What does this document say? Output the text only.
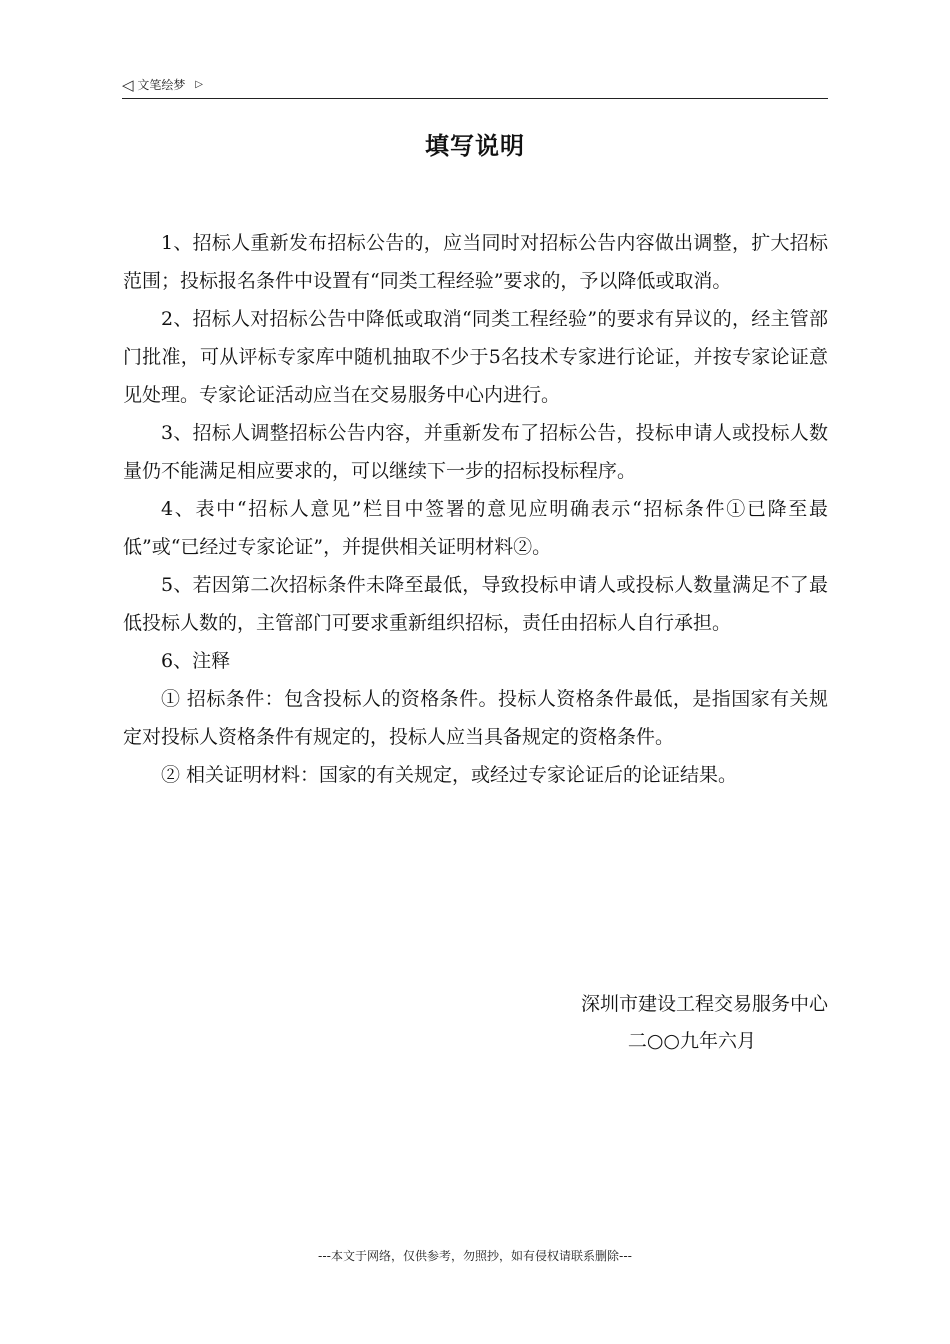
◁ 文笔绘梦 ▷
填写说明

1、招标人重新发布招标公告的，应当同时对招标公告内容做出调整，扩大招标范围；投标报名条件中设置有“同类工程经验”要求的，予以降低或取消。

2、招标人对招标公告中降低或取消“同类工程经验”的要求有异议的，经主管部门批准，可从评标专家库中随机抽取不少于5名技术专家进行论证，并按专家论证意见处理。专家论证活动应当在交易服务中心内进行。

3、招标人调整招标公告内容，并重新发布了招标公告，投标申请人或投标人数量仍不能满足相应要求的，可以继续下一步的招标投标程序。

4、表中“招标人意见”栏目中签署的意见应明确表示“招标条件①已降至最低”或“已经过专家论证”，并提供相关证明材料②。

5、若因第二次招标条件未降至最低，导致投标申请人或投标人数量满足不了最低投标人数的，主管部门可要求重新组织招标，责任由招标人自行承担。

6、注释

① 招标条件：包含投标人的资格条件。投标人资格条件最低，是指国家有关规定对投标人资格条件有规定的，投标人应当具备规定的资格条件。

② 相关证明材料：国家的有关规定，或经过专家论证后的论证结果。

深圳市建设工程交易服务中心
二○○九年六月
---本文于网络，仅供参考，勿照抄，如有侵权请联系删除---
